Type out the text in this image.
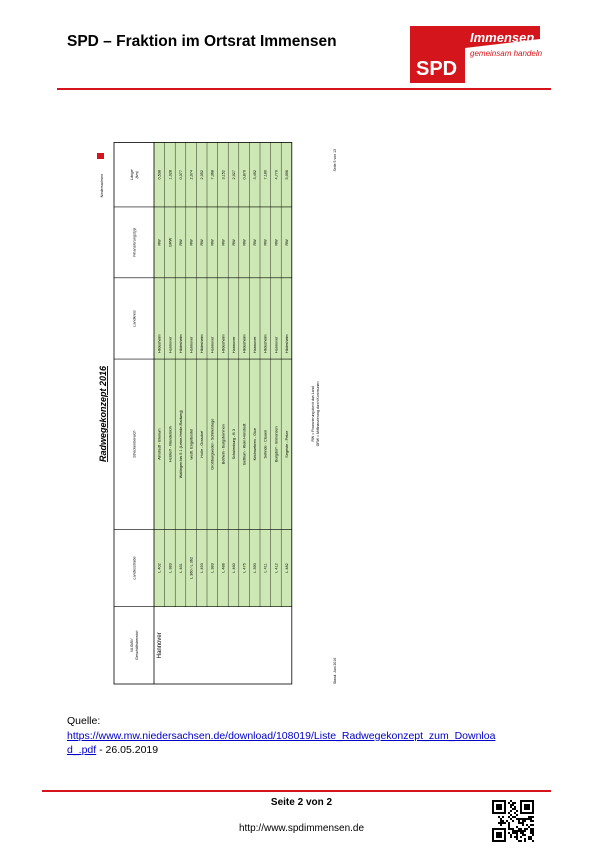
SPD – Fraktion im Ortsrat Immensen
SPD
Immensen
gemeinsam handeln
Radwegekonzept 2016
Niedersachsen
NLStBV Geschäftsbereich
Landesstraße
Streckenbereich
Landkreis
Finanzierungstyp
Länge (km)
Hannover
L 402
Almstedt - Brenum
Hildesheim
RW
0,538
L 383
Heisterf - Mandelsloh
Hannover
GRW
1,028
L 461
Wallingen bis 5 1 (Leine-Heide-Radweg)
Hildesheim
RW
0,377
L 360 / L 362
westl. Engelbostel
Hannover
RW
2,074
L 493
Holle - Grasdorf
Hildesheim
RW
2,052
L 383
Großburgwedel - Schillerslage
Hannover
RW
7,368
L 488
Betheln - Burgstemmen
Hildesheim
RW
3,152
L 460
Schulenburg - B 3
Hannover
RW
2,027
L 475
Bettrum - Klein Himstedt
Hildesheim
RW
0,870
L 390
Krichwehren - Gixe
Hannover
RW
3,492
L 411
Sehnde - Clauen
Hildesheim
RW
7,180
L 412
Burgdorf - Immensen
Hannover
RW
4,770
L 482
Segeste - Petze
Hildesheim
RW
5,096
RW = Finanzierung durch das Land GRW = Mitfinanzierung durch Kommunen
Stand: Juni 2016
Seite 5 von 13
Quelle:
https://www.mw.niedersachsen.de/download/108019/Liste_Radwegekonzept_zum_Downloa
d_.pdf - 26.05.2019
Seite 2 von 2
http://www.spdimmensen.de
